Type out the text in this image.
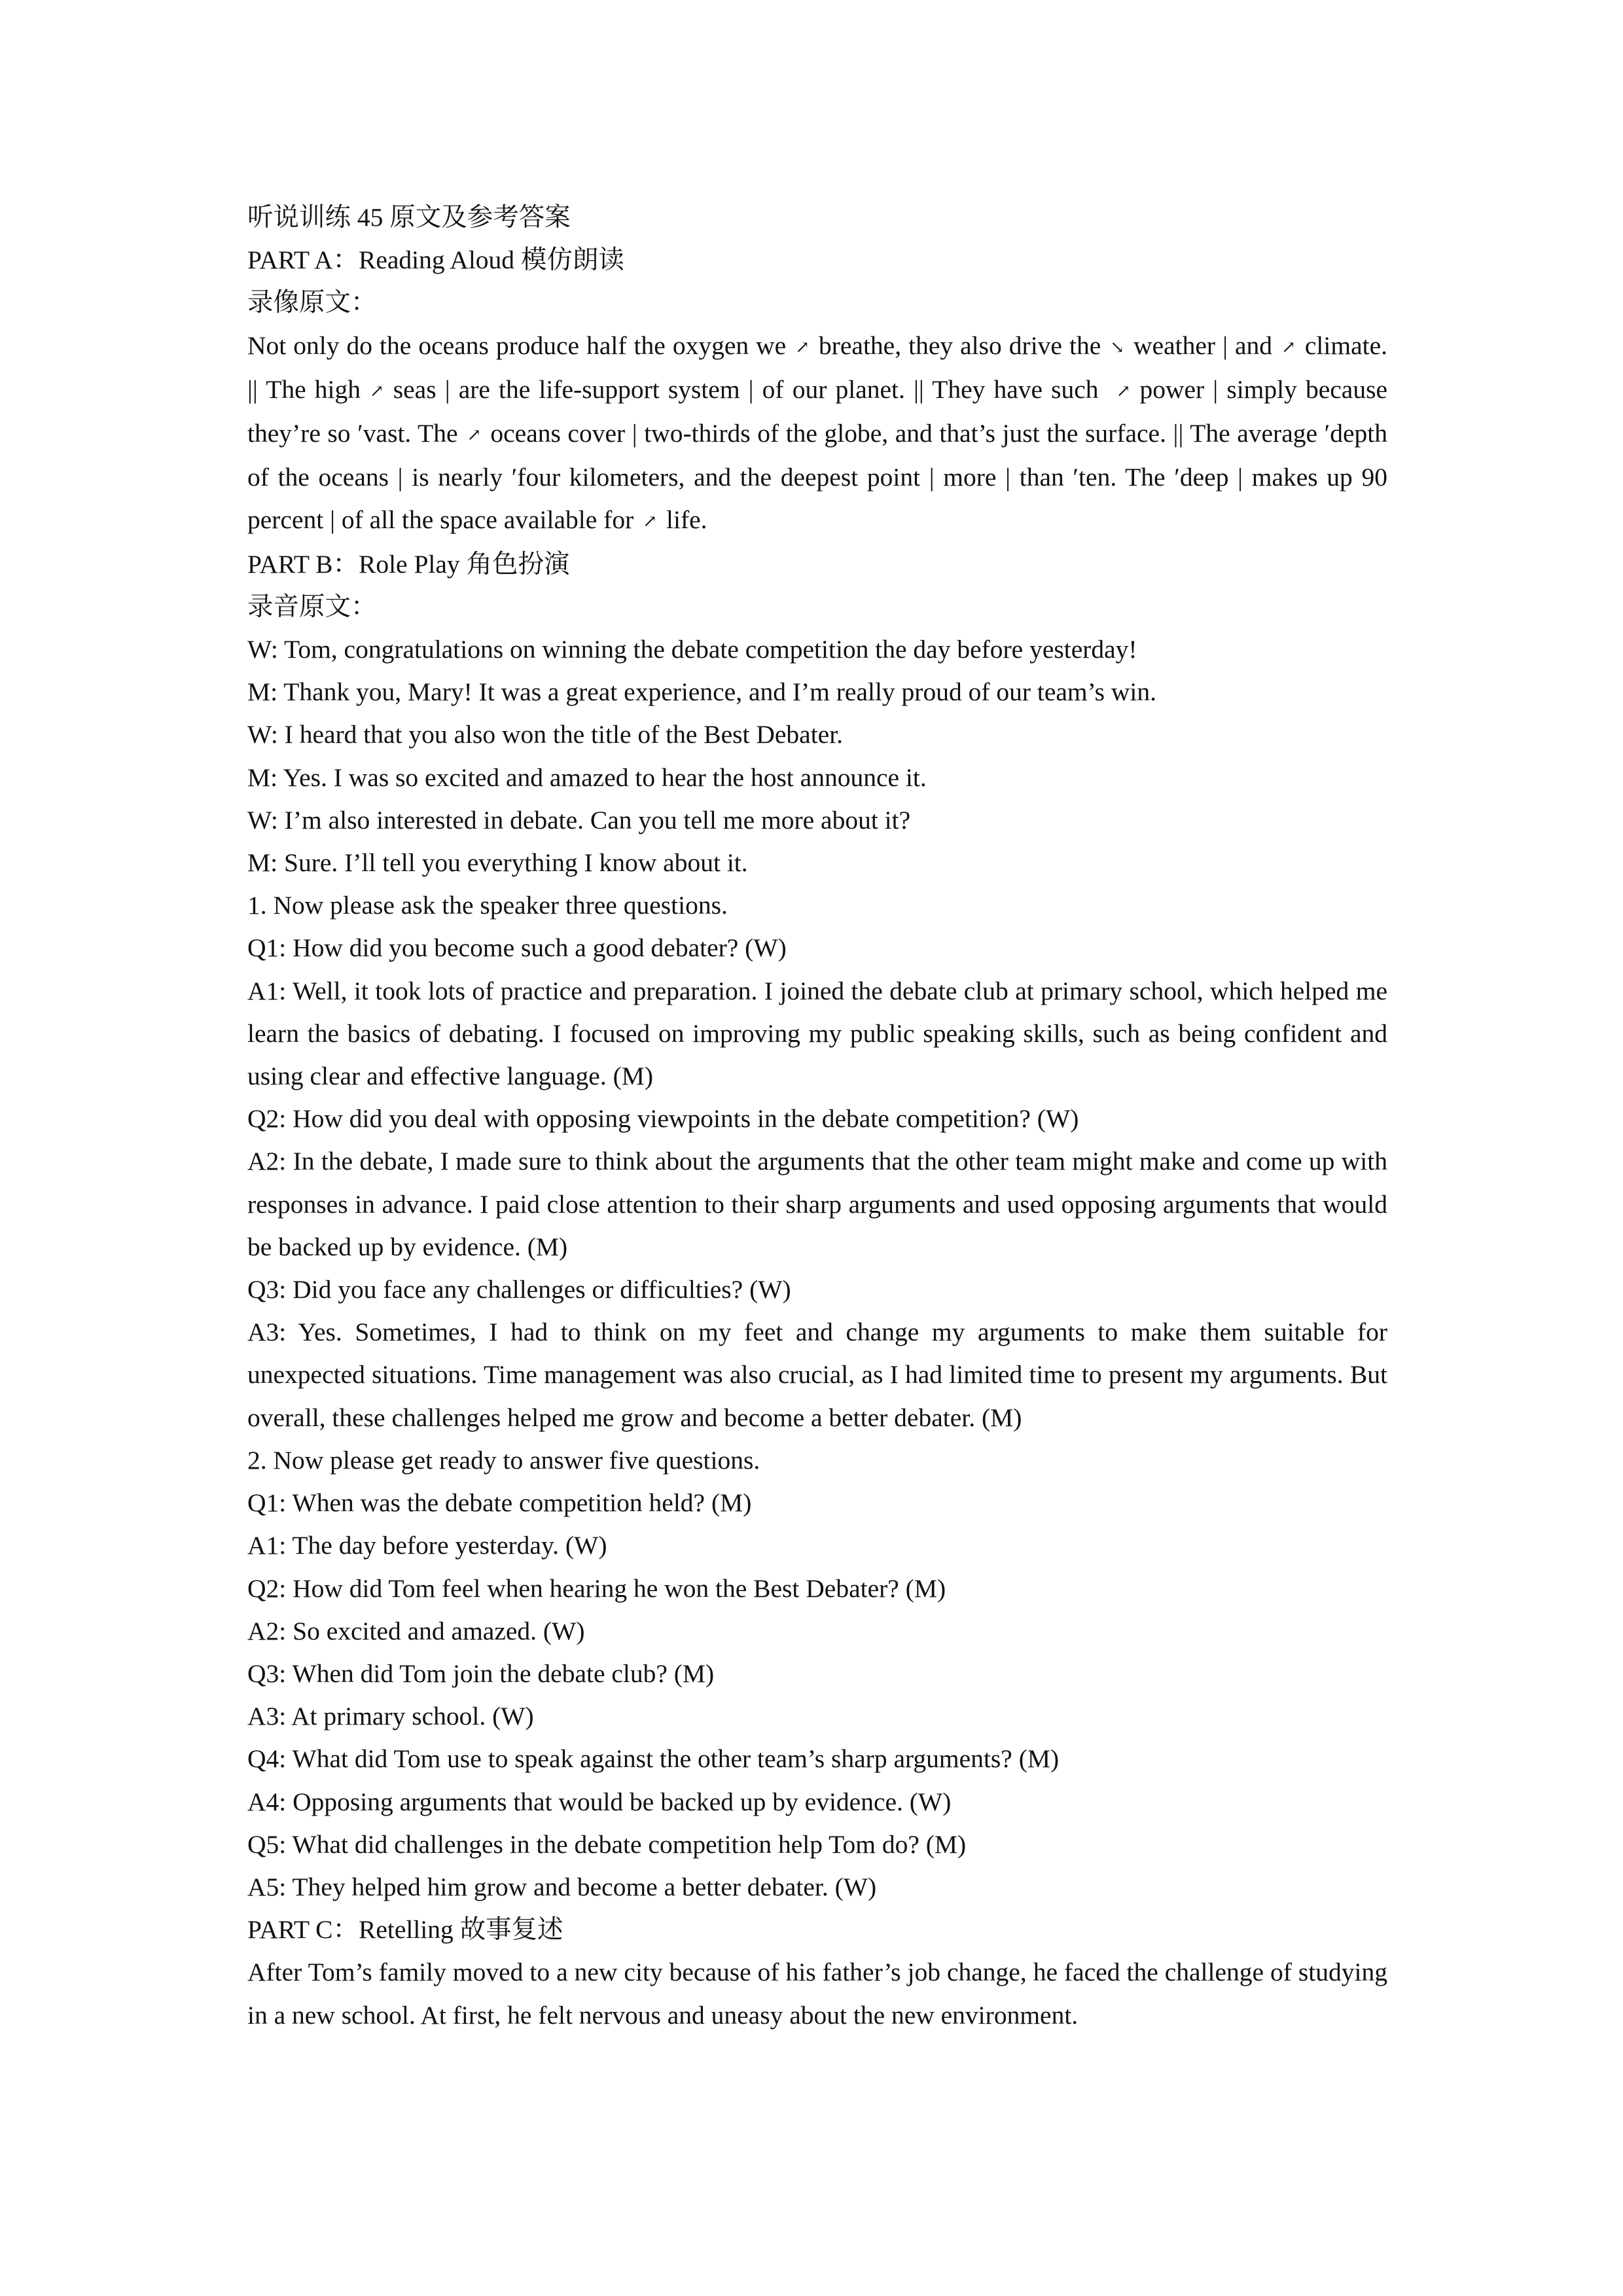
听说训练 45 原文及参考答案

PART A：Reading Aloud 模仿朗读

录像原文：

Not only do the oceans produce half the oxygen we ↗ breathe, they also drive the ↘ weather | and ↗ climate. || The high ↗ seas | are the life-support system | of our planet. || They have such ↗ power | simply because they’re so ′vast. The ↗ oceans cover | two-thirds of the globe, and that’s just the surface. || The average ′depth of the oceans | is nearly ′four kilometers, and the deepest point | more | than ′ten. The ′deep | makes up 90 percent | of all the space available for ↗ life.

PART B：Role Play 角色扮演

录音原文：

W: Tom, congratulations on winning the debate competition the day before yesterday!

M: Thank you, Mary! It was a great experience, and I’m really proud of our team’s win.

W: I heard that you also won the title of the Best Debater.

M: Yes. I was so excited and amazed to hear the host announce it.

W: I’m also interested in debate. Can you tell me more about it?

M: Sure. I’ll tell you everything I know about it.

1. Now please ask the speaker three questions.

Q1: How did you become such a good debater? (W)

A1: Well, it took lots of practice and preparation. I joined the debate club at primary school, which helped me learn the basics of debating. I focused on improving my public speaking skills, such as being confident and using clear and effective language. (M)

Q2: How did you deal with opposing viewpoints in the debate competition? (W)

A2: In the debate, I made sure to think about the arguments that the other team might make and come up with responses in advance. I paid close attention to their sharp arguments and used opposing arguments that would be backed up by evidence. (M)

Q3: Did you face any challenges or difficulties? (W)

A3: Yes. Sometimes, I had to think on my feet and change my arguments to make them suitable for unexpected situations. Time management was also crucial, as I had limited time to present my arguments. But overall, these challenges helped me grow and become a better debater. (M)

2. Now please get ready to answer five questions.

Q1: When was the debate competition held? (M)

A1: The day before yesterday. (W)

Q2: How did Tom feel when hearing he won the Best Debater? (M)

A2: So excited and amazed. (W)

Q3: When did Tom join the debate club? (M)

A3: At primary school. (W)

Q4: What did Tom use to speak against the other team’s sharp arguments? (M)

A4: Opposing arguments that would be backed up by evidence. (W)

Q5: What did challenges in the debate competition help Tom do? (M)

A5: They helped him grow and become a better debater. (W)

PART C：Retelling 故事复述

After Tom’s family moved to a new city because of his father’s job change, he faced the challenge of studying in a new school. At first, he felt nervous and uneasy about the new environment.
